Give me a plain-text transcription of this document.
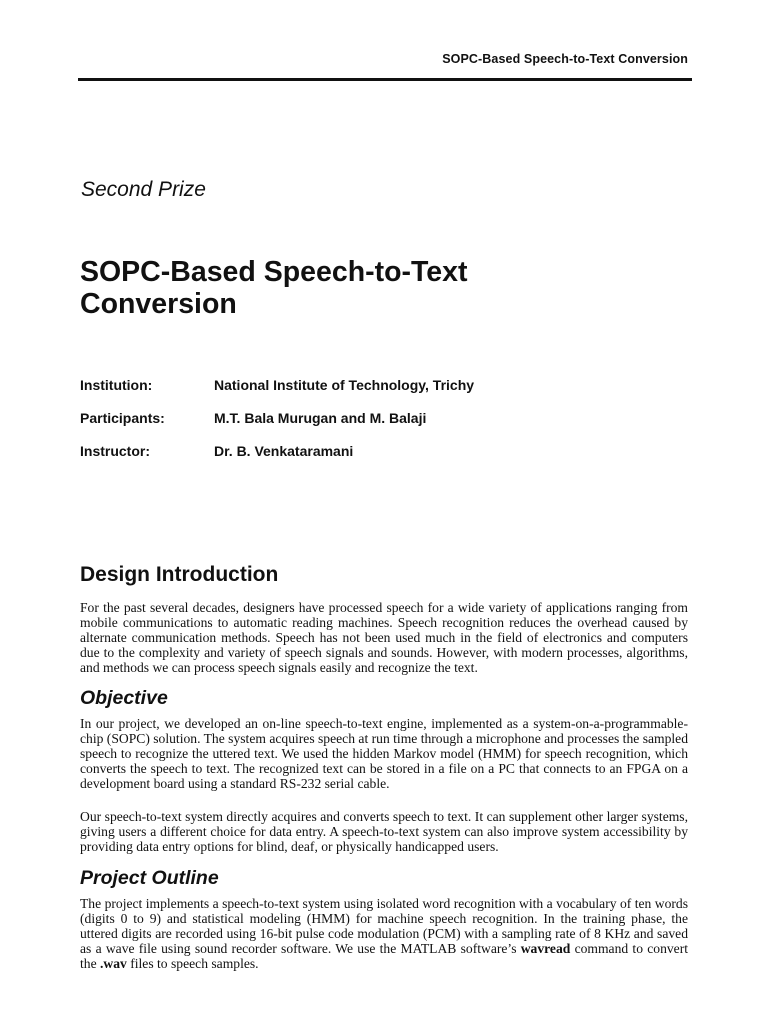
SOPC-Based Speech-to-Text Conversion
Second Prize
SOPC-Based Speech-to-Text
Conversion
Institution:	National Institute of Technology, Trichy
Participants:	M.T. Bala Murugan and M. Balaji
Instructor:	Dr. B. Venkataramani
Design Introduction

For the past several decades, designers have processed speech for a wide variety of applications ranging from mobile communications to automatic reading machines. Speech recognition reduces the overhead caused by alternate communication methods. Speech has not been used much in the field of electronics and computers due to the complexity and variety of speech signals and sounds. However, with modern processes, algorithms, and methods we can process speech signals easily and recognize the text.

Objective

In our project, we developed an on-line speech-to-text engine, implemented as a system-on-a-programmable-chip (SOPC) solution. The system acquires speech at run time through a microphone and processes the sampled speech to recognize the uttered text. We used the hidden Markov model (HMM) for speech recognition, which converts the speech to text. The recognized text can be stored in a file on a PC that connects to an FPGA on a development board using a standard RS-232 serial cable.

Our speech-to-text system directly acquires and converts speech to text. It can supplement other larger systems, giving users a different choice for data entry. A speech-to-text system can also improve system accessibility by providing data entry options for blind, deaf, or physically handicapped users.

Project Outline

The project implements a speech-to-text system using isolated word recognition with a vocabulary of ten words (digits 0 to 9) and statistical modeling (HMM) for machine speech recognition. In the training phase, the uttered digits are recorded using 16-bit pulse code modulation (PCM) with a sampling rate of 8 KHz and saved as a wave file using sound recorder software. We use the MATLAB software’s wavread command to convert the .wav files to speech samples.
